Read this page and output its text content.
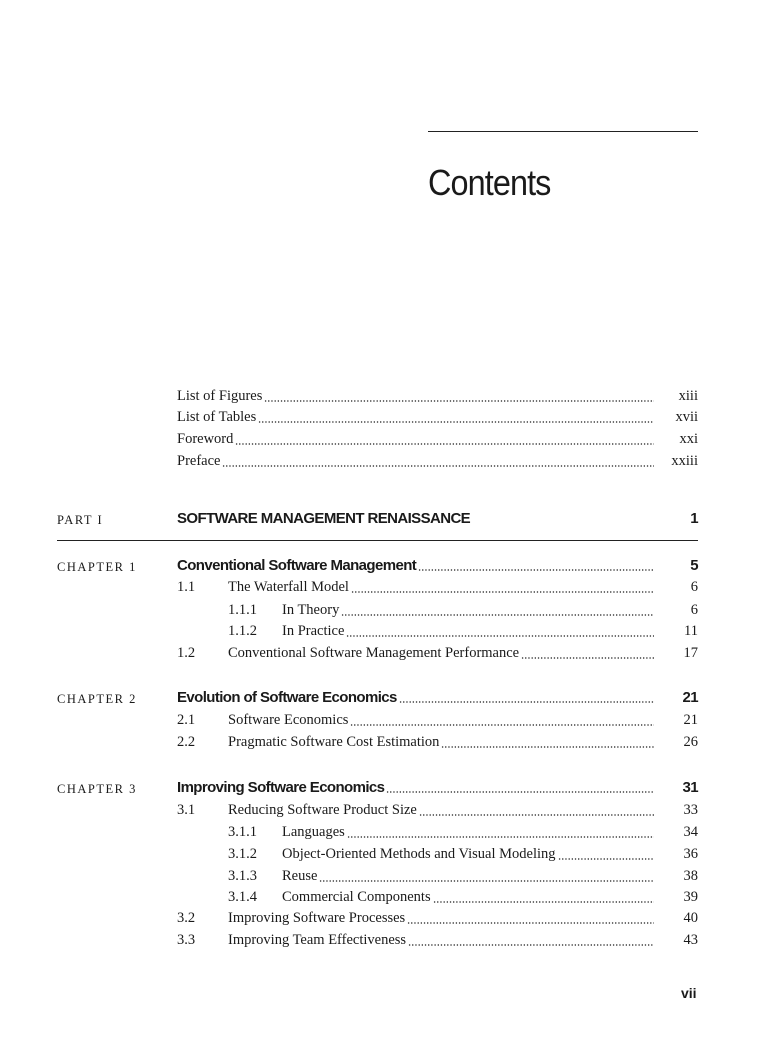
Contents
List of Figures	xiii
List of Tables	xvii
Foreword	xxi
Preface	xxiii
PART I	SOFTWARE MANAGEMENT RENAISSANCE	1
CHAPTER 1	Conventional Software Management	5
1.1 The Waterfall Model	6
1.1.1 In Theory	6
1.1.2 In Practice	11
1.2 Conventional Software Management Performance	17
CHAPTER 2	Evolution of Software Economics	21
2.1 Software Economics	21
2.2 Pragmatic Software Cost Estimation	26
CHAPTER 3	Improving Software Economics	31
3.1 Reducing Software Product Size	33
3.1.1 Languages	34
3.1.2 Object-Oriented Methods and Visual Modeling	36
3.1.3 Reuse	38
3.1.4 Commercial Components	39
3.2 Improving Software Processes	40
3.3 Improving Team Effectiveness	43
vii
